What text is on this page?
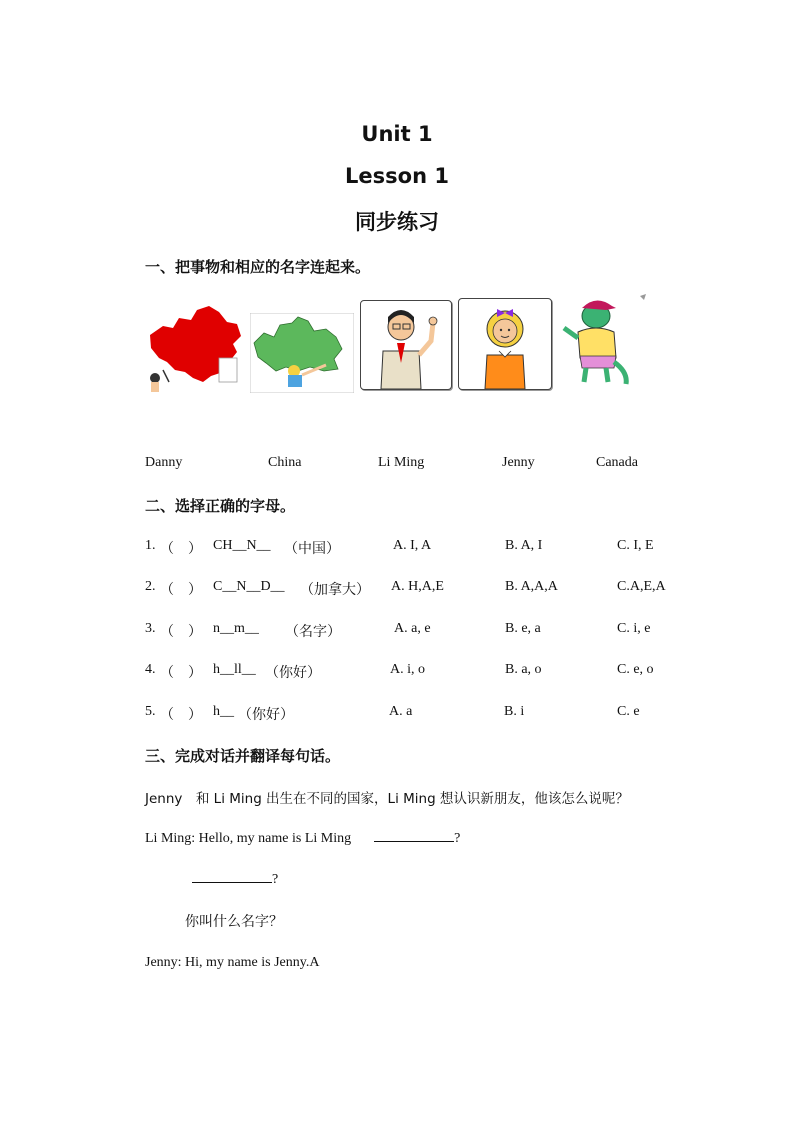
Unit 1
Lesson 1
同步练习
一、把事物和相应的名字连起来。
Danny	China	Li Ming	Jenny	Canada
二、选择正确的字母。
1. （　） CH__N__ （中国）	A. I, A	B. A, I	C. I, E
2. （　） C__N__D__ （加拿大） A. H,A,E	B. A,A,A	C.A,E,A
3. （　） n__m__ （名字）	A. a, e	B. e, a	C. i, e
4. （　） h__ll__ （你好）	A. i, o	B. a, o	C. e, o
5. （　） h__ （你好）	A. a	B. i	C. e
三、完成对话并翻译每句话。
Jenny　和 Li Ming 出生在不同的国家，Li Ming 想认识新朋友，他该怎么说呢？
Li Ming: Hello, my name is Li Ming	?
?
你叫什么名字？
Jenny: Hi, my name is Jenny.A
